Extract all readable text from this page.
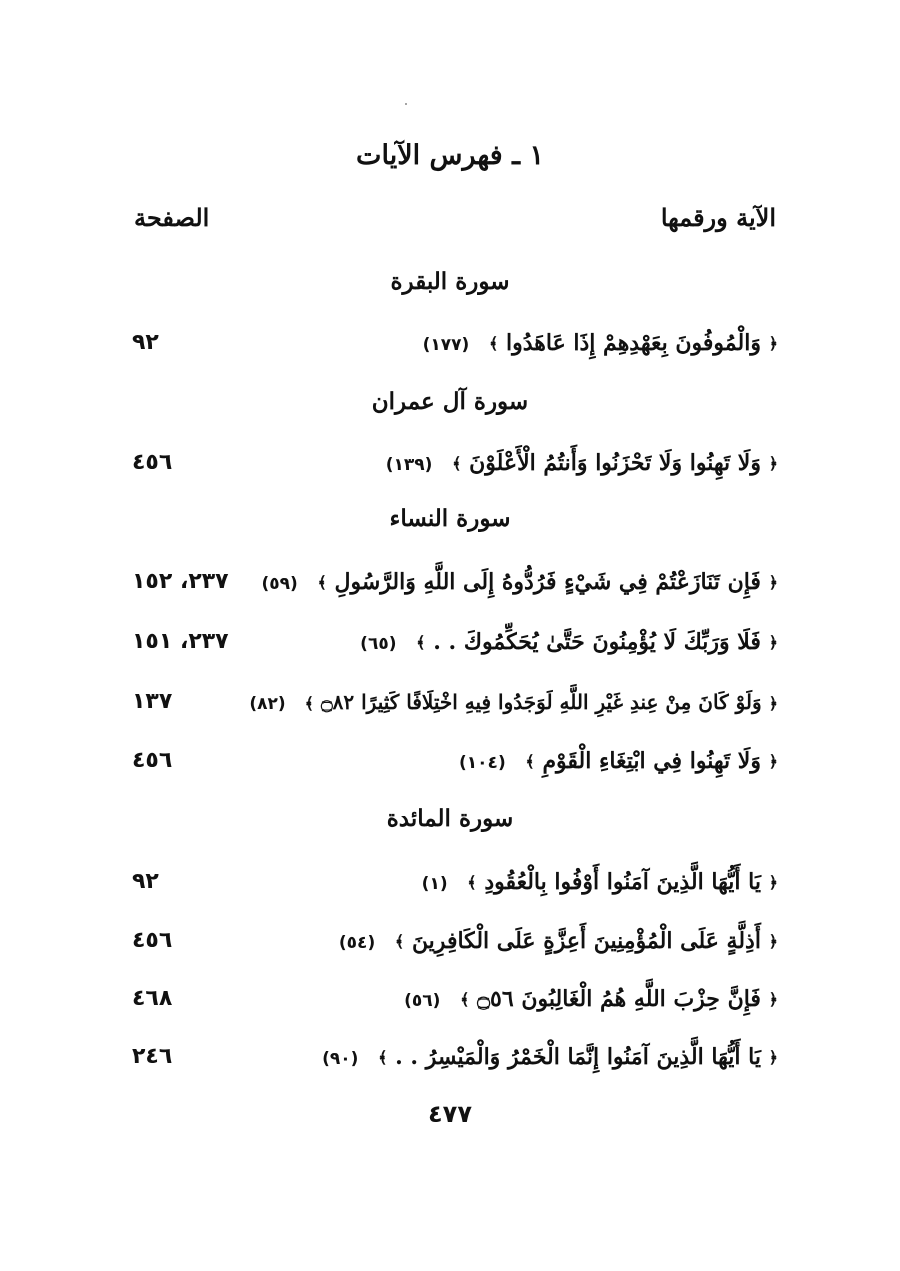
١ ـ فهرس الآيات
الآية ورقمها
الصفحة
سورة البقرة
﴿ وَالْمُوفُونَ بِعَهْدِهِمْ إِذَا عَاهَدُوا ﴾ (١٧٧)
٩٢
سورة آل عمران
﴿ وَلَا تَهِنُوا وَلَا تَحْزَنُوا وَأَنتُمُ الْأَعْلَوْنَ ﴾ (١٣٩)
٤٥٦
سورة النساء
﴿ فَإِن تَنَازَعْتُمْ فِي شَيْءٍ فَرُدُّوهُ إِلَى اللَّهِ وَالرَّسُولِ ﴾ (٥٩)
٢٣٧، ١٥٢
﴿ فَلَا وَرَبِّكَ لَا يُؤْمِنُونَ حَتَّىٰ يُحَكِّمُوكَ . . ﴾ (٦٥)
٢٣٧، ١٥١
﴿ وَلَوْ كَانَ مِنْ عِندِ غَيْرِ اللَّهِ لَوَجَدُوا فِيهِ اخْتِلَافًا كَثِيرًا ۝٨٢ ﴾ (٨٢)
١٣٧
﴿ وَلَا تَهِنُوا فِي ابْتِغَاءِ الْقَوْمِ ﴾ (١٠٤)
٤٥٦
سورة المائدة
﴿ يَا أَيُّهَا الَّذِينَ آمَنُوا أَوْفُوا بِالْعُقُودِ ﴾ (١)
٩٢
﴿ أَذِلَّةٍ عَلَى الْمُؤْمِنِينَ أَعِزَّةٍ عَلَى الْكَافِرِينَ ﴾ (٥٤)
٤٥٦
﴿ فَإِنَّ حِزْبَ اللَّهِ هُمُ الْغَالِبُونَ ۝٥٦ ﴾ (٥٦)
٤٦٨
﴿ يَا أَيُّهَا الَّذِينَ آمَنُوا إِنَّمَا الْخَمْرُ وَالْمَيْسِرُ . . ﴾ (٩٠)
٢٤٦
٤٧٧
